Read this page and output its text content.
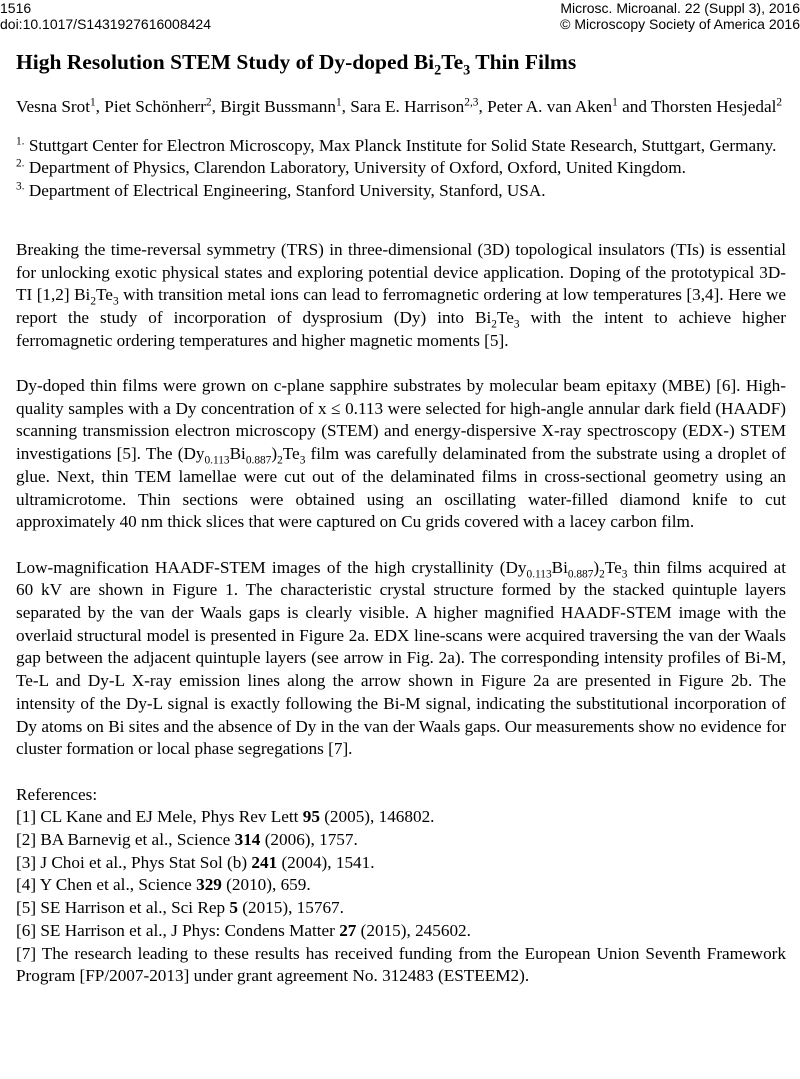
1516
doi:10.1017/S1431927616008424
Microsc. Microanal. 22 (Suppl 3), 2016
© Microscopy Society of America 2016
High Resolution STEM Study of Dy-doped $Bi_2Te_3$ Thin Films
Vesna Srot$^1$, Piet Schönherr$^2$, Birgit Bussmann$^1$, Sara E. Harrison$^{2,3}$, Peter A. van Aken$^1$ and Thorsten Hesjedal$^2$

$^{1.}$ Stuttgart Center for Electron Microscopy, Max Planck Institute for Solid State Research, Stuttgart, Germany.

$^{2.}$ Department of Physics, Clarendon Laboratory, University of Oxford, Oxford, United Kingdom.

$^{3.}$ Department of Electrical Engineering, Stanford University, Stanford, USA.

Breaking the time-reversal symmetry (TRS) in three-dimensional (3D) topological insulators (TIs) is essential for unlocking exotic physical states and exploring potential device application. Doping of the prototypical 3D-TI [1,2] $Bi_2Te_3$ with transition metal ions can lead to ferromagnetic ordering at low temperatures [3,4]. Here we report the study of incorporation of dysprosium (Dy) into $Bi_2Te_3$ with the intent to achieve higher ferromagnetic ordering temperatures and higher magnetic moments [5].
Dy-doped thin films were grown on c-plane sapphire substrates by molecular beam epitaxy (MBE) [6]. High-quality samples with a Dy concentration of x ≤ 0.113 were selected for high-angle annular dark field (HAADF) scanning transmission electron microscopy (STEM) and energy-dispersive X-ray spectroscopy (EDX-) STEM investigations [5]. The $(Dy_{0.113}Bi_{0.887})_2Te_3$ film was carefully delaminated from the substrate using a droplet of glue. Next, thin TEM lamellae were cut out of the delaminated films in cross-sectional geometry using an ultramicrotome. Thin sections were obtained using an oscillating water-filled diamond knife to cut approximately 40 nm thick slices that were captured on Cu grids covered with a lacey carbon film.
Low-magnification HAADF-STEM images of the high crystallinity $(Dy_{0.113}Bi_{0.887})_2Te_3$ thin films acquired at 60 kV are shown in Figure 1. The characteristic crystal structure formed by the stacked quintuple layers separated by the van der Waals gaps is clearly visible. A higher magnified HAADF-STEM image with the overlaid structural model is presented in Figure 2a. EDX line-scans were acquired traversing the van der Waals gap between the adjacent quintuple layers (see arrow in Fig. 2a). The corresponding intensity profiles of Bi-M, Te-L and Dy-L X-ray emission lines along the arrow shown in Figure 2a are presented in Figure 2b. The intensity of the Dy-L signal is exactly following the Bi-M signal, indicating the substitutional incorporation of Dy atoms on Bi sites and the absence of Dy in the van der Waals gaps. Our measurements show no evidence for cluster formation or local phase segregations [7].

References:

[1] CL Kane and EJ Mele, Phys Rev Lett 95 (2005), 146802.

[2] BA Barnevig et al., Science 314 (2006), 1757.

[3] J Choi et al., Phys Stat Sol (b) 241 (2004), 1541.

[4] Y Chen et al., Science 329 (2010), 659.

[5] SE Harrison et al., Sci Rep 5 (2015), 15767.

[6] SE Harrison et al., J Phys: Condens Matter 27 (2015), 245602.

[7] The research leading to these results has received funding from the European Union Seventh Framework Program [FP/2007-2013] under grant agreement No. 312483 (ESTEEM2).
